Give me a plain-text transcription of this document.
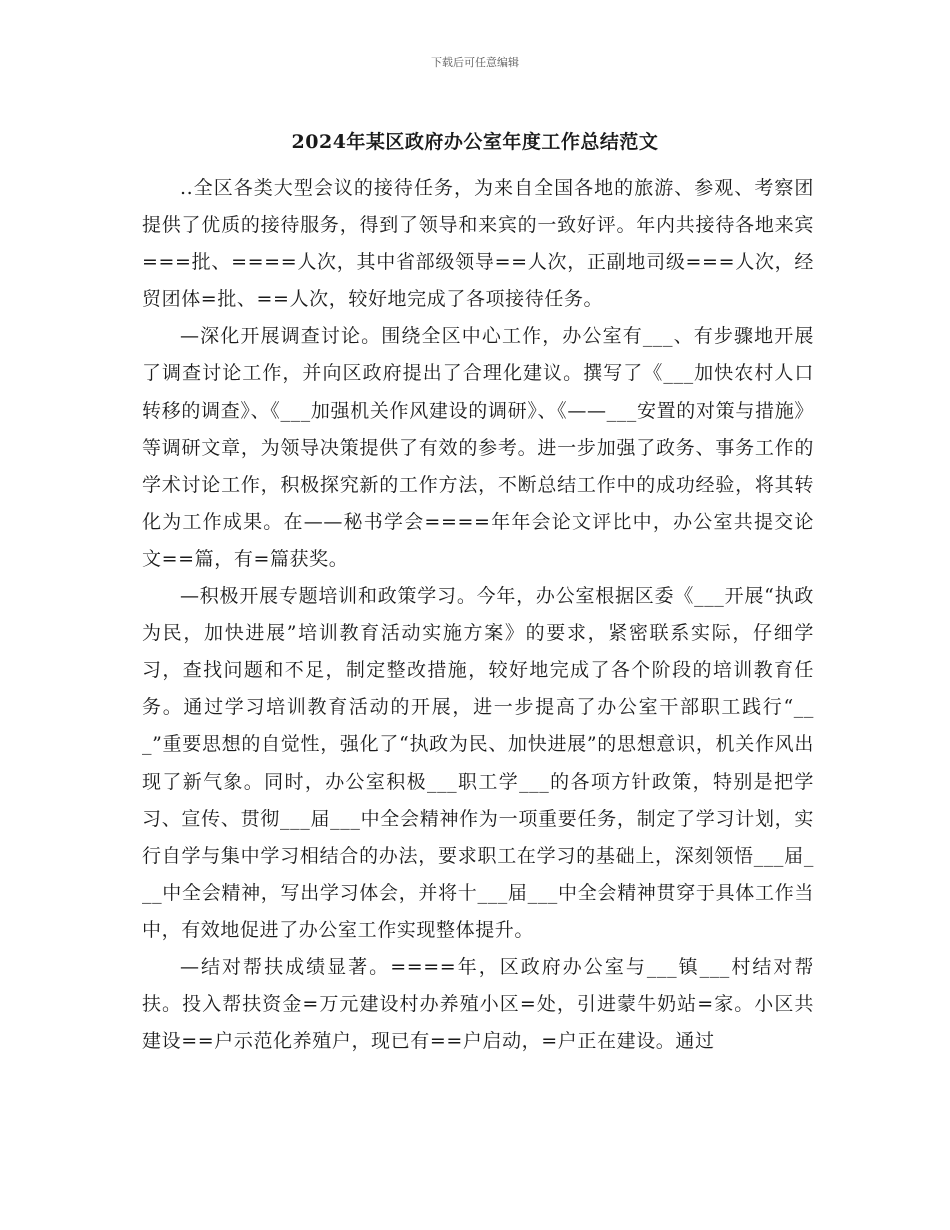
下载后可任意编辑
2024年某区政府办公室年度工作总结范文

..全区各类大型会议的接待任务，为来自全国各地的旅游、参观、考察团提供了优质的接待服务，得到了领导和来宾的一致好评。年内共接待各地来宾===批、====人次，其中省部级领导==人次，正副地司级===人次，经贸团体=批、==人次，较好地完成了各项接待任务。

—深化开展调查讨论。围绕全区中心工作，办公室有___、有步骤地开展了调查讨论工作，并向区政府提出了合理化建议。撰写了《___加快农村人口转移的调查》、《___加强机关作风建设的调研》、《——___安置的对策与措施》等调研文章，为领导决策提供了有效的参考。进一步加强了政务、事务工作的学术讨论工作，积极探究新的工作方法，不断总结工作中的成功经验，将其转化为工作成果。在——秘书学会====年年会论文评比中，办公室共提交论文==篇，有=篇获奖。

—积极开展专题培训和政策学习。今年，办公室根据区委《___开展“执政为民，加快进展”培训教育活动实施方案》的要求，紧密联系实际，仔细学习，查找问题和不足，制定整改措施，较好地完成了各个阶段的培训教育任务。通过学习培训教育活动的开展，进一步提高了办公室干部职工践行“___”重要思想的自觉性，强化了“执政为民、加快进展”的思想意识，机关作风出现了新气象。同时，办公室积极___职工学___的各项方针政策，特别是把学习、宣传、贯彻___届___中全会精神作为一项重要任务，制定了学习计划，实行自学与集中学习相结合的办法，要求职工在学习的基础上，深刻领悟___届___中全会精神，写出学习体会，并将十___届___中全会精神贯穿于具体工作当中，有效地促进了办公室工作实现整体提升。

—结对帮扶成绩显著。====年，区政府办公室与___镇___村结对帮扶。投入帮扶资金=万元建设村办养殖小区=处，引进蒙牛奶站=家。小区共建设==户示范化养殖户，现已有==户启动，=户正在建设。通过
